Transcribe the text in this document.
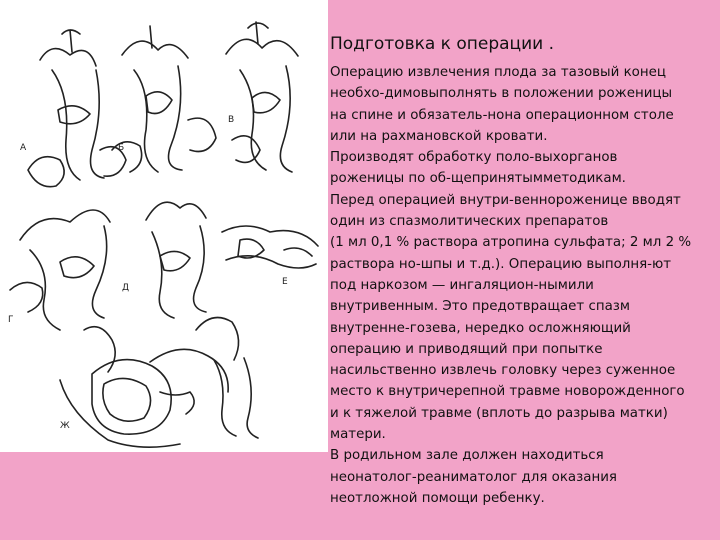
А	Б
В
Г
Д
Е
Ж
Подготовка к операции .
Операцию извлечения плода за тазовый конец
необхо-димовыполнять в положении роженицы
на спине и обязатель-нона операционном столе
или на рахмановской кровати.
Производят обработку поло-выхорганов
роженицы по об-щепринятымметодикам.
Перед операцией внутри-веннороженице вводят
один из спазмолитических препаратов
(1 мл 0,1 % раствора атропина сульфата; 2 мл 2 %
раствора но-шпы и т.д.). Операцию выполня-ют
под наркозом — ингаляцион-нымили
внутривенным. Это предотвращает спазм
внутренне-гозева, нередко осложняющий
операцию и приводящий при попытке
насильственно извлечь головку через суженное
место к внутричерепной травме новорожденного
и к тяжелой травме (вплоть до разрыва матки)
матери.
В родильном зале должен находиться
неонатолог-реаниматолог для оказания
неотложной помощи ребенку.
